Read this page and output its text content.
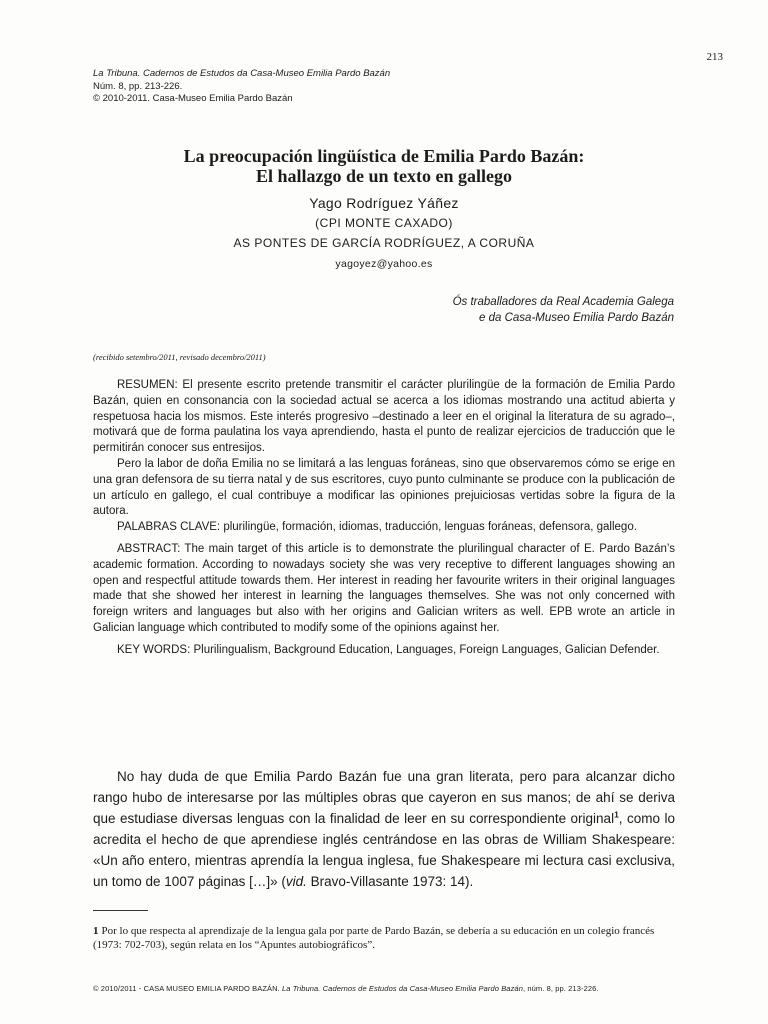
213
La Tribuna. Cadernos de Estudos da Casa-Museo Emilia Pardo Bazán
Núm. 8, pp. 213-226.
© 2010-2011. Casa-Museo Emilia Pardo Bazán
La preocupación lingüística de Emilia Pardo Bazán:
El hallazgo de un texto en gallego
Yago Rodríguez Yáñez
(CPI MONTE CAXADO)
AS PONTES DE GARCÍA RODRÍGUEZ, A CORUÑA
yagoyez@yahoo.es
Ós traballadores da Real Academia Galega
e da Casa-Museo Emilia Pardo Bazán
(recibido setembro/2011, revisado decembro/2011)

RESUMEN: El presente escrito pretende transmitir el carácter plurilingüe de la formación de Emilia Pardo Bazán, quien en consonancia con la sociedad actual se acerca a los idiomas mostrando una actitud abierta y respetuosa hacia los mismos. Este interés progresivo –destinado a leer en el original la literatura de su agrado–, motivará que de forma paulatina los vaya aprendiendo, hasta el punto de realizar ejercicios de traducción que le permitirán conocer sus entresijos.

Pero la labor de doña Emilia no se limitará a las lenguas foráneas, sino que observaremos cómo se erige en una gran defensora de su tierra natal y de sus escritores, cuyo punto culminante se produce con la publicación de un artículo en gallego, el cual contribuye a modificar las opiniones prejuiciosas vertidas sobre la figura de la autora.

PALABRAS CLAVE: plurilingüe, formación, idiomas, traducción, lenguas foráneas, defensora, gallego.

ABSTRACT: The main target of this article is to demonstrate the plurilingual character of E. Pardo Bazán’s academic formation. According to nowadays society she was very receptive to different languages showing an open and respectful attitude towards them. Her interest in reading her favourite writers in their original languages made that she showed her interest in learning the languages themselves. She was not only concerned with foreign writers and languages but also with her origins and Galician writers as well. EPB wrote an article in Galician language which contributed to modify some of the opinions against her.

KEY WORDS: Plurilingualism, Background Education, Languages, Foreign Languages, Galician Defender.

No hay duda de que Emilia Pardo Bazán fue una gran literata, pero para alcanzar dicho rango hubo de interesarse por las múltiples obras que cayeron en sus manos; de ahí se deriva que estudiase diversas lenguas con la finalidad de leer en su correspondiente original$^1$, como lo acredita el hecho de que aprendiese inglés centrándose en las obras de William Shakespeare: «Un año entero, mientras aprendía la lengua inglesa, fue Shakespeare mi lectura casi exclusiva, un tomo de 1007 páginas […]» (vid. Bravo-Villasante 1973: 14).

1 Por lo que respecta al aprendizaje de la lengua gala por parte de Pardo Bazán, se debería a su educación en un colegio francés (1973: 702-703), según relata en los “Apuntes autobiográficos”.
© 2010/2011 - CASA MUSEO EMILIA PARDO BAZÁN. La Tribuna. Cadernos de Estudos da Casa-Museo Emilia Pardo Bazán, núm. 8, pp. 213-226.
